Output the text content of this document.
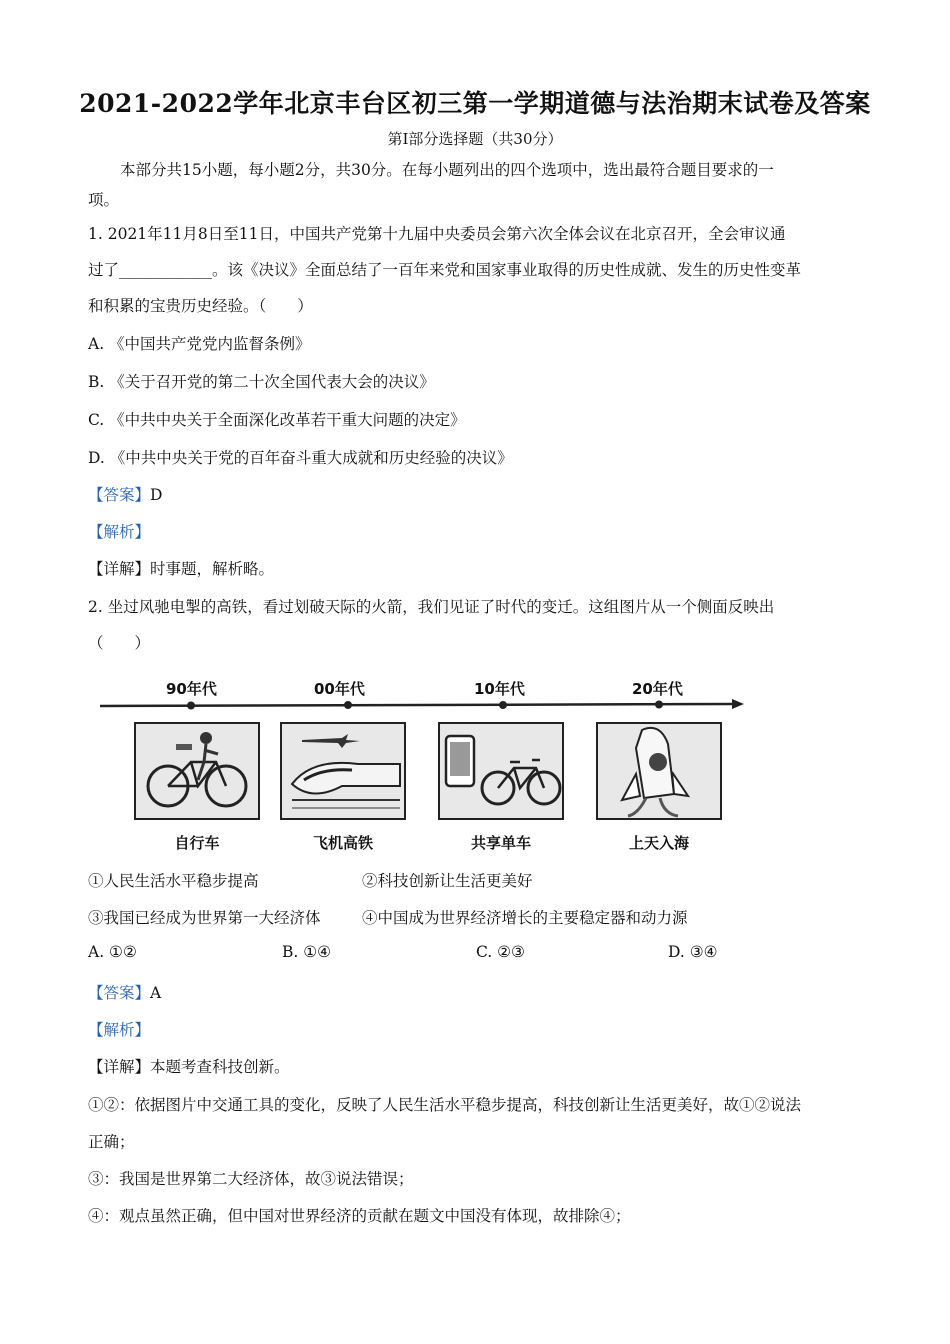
2021-2022学年北京丰台区初三第一学期道德与法治期末试卷及答案
第Ⅰ部分选择题（共30分）
本部分共15小题，每小题2分，共30分。在每小题列出的四个选项中，选出最符合题目要求的一
项。
1. 2021年11月8日至11日，中国共产党第十九届中央委员会第六次全体会议在北京召开，全会审议通
过了____________。该《决议》全面总结了一百年来党和国家事业取得的历史性成就、发生的历史性变革
和积累的宝贵历史经验。（　　）
A. 《中国共产党党内监督条例》
B. 《关于召开党的第二十次全国代表大会的决议》
C. 《中共中央关于全面深化改革若干重大问题的决定》
D. 《中共中央关于党的百年奋斗重大成就和历史经验的决议》
【答案】D
【解析】
【详解】时事题，解析略。
2. 坐过风驰电掣的高铁，看过划破天际的火箭，我们见证了时代的变迁。这组图片从一个侧面反映出
（　　）
90年代	00年代	10年代	20年代
自行车	飞机高铁	共享单车	上天入海
①人民生活水平稳步提高	②科技创新让生活更美好
③我国已经成为世界第一大经济体	④中国成为世界经济增长的主要稳定器和动力源
A. ①②	B. ①④	C. ②③	D. ③④
【答案】A
【解析】
【详解】本题考查科技创新。
①②：依据图片中交通工具的变化，反映了人民生活水平稳步提高，科技创新让生活更美好，故①②说法
正确；
③：我国是世界第二大经济体，故③说法错误；
④：观点虽然正确，但中国对世界经济的贡献在题文中国没有体现，故排除④；
